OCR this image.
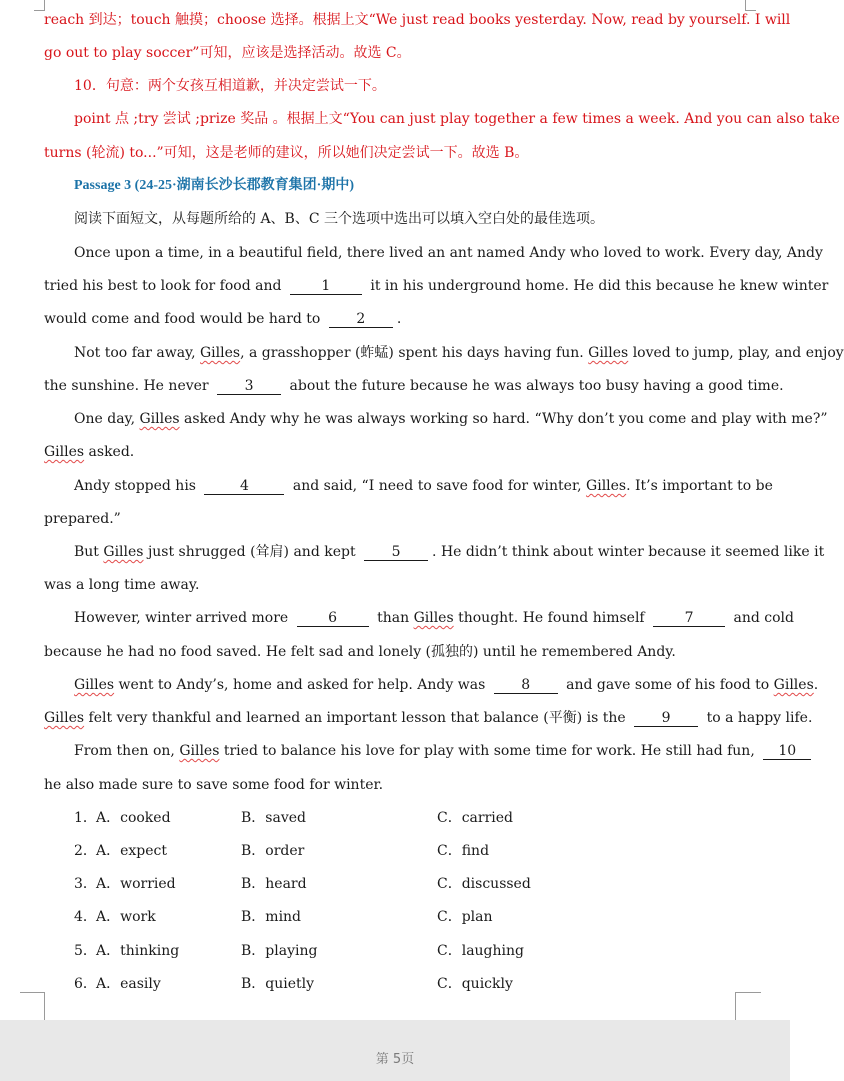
reach 到达；touch 触摸；choose 选择。根据上文“We just read books yesterday. Now, read by yourself. I will
go out to play soccer”可知，应该是选择活动。故选 C。
10．句意：两个女孩互相道歉，并决定尝试一下。
point 点 ;try 尝试 ;prize 奖品 。根据上文“You can just play together a few times a week. And you can also take
turns (轮流) to...”可知，这是老师的建议，所以她们决定尝试一下。故选 B。
Passage 3 (24-25·湖南长沙长郡教育集团·期中)
阅读下面短文，从每题所给的 A、B、C 三个选项中选出可以填入空白处的最佳选项。
Once upon a time, in a beautiful field, there lived an ant named Andy who loved to work. Every day, Andy
tried his best to look for food and	1	it in his underground home. He did this because he knew winter
would come and food would be hard to	2 .
Not too far away, Gilles, a grasshopper (蚱蜢) spent his days having fun. Gilles loved to jump, play, and enjoy
the sunshine. He never	3	about the future because he was always too busy having a good time.
One day, Gilles asked Andy why he was always working so hard. “Why don’t you come and play with me?”
Gilles asked.
Andy stopped his	4	and said, “I need to save food for winter, Gilles. It’s important to be
prepared.”
But Gilles just shrugged (耸肩) and kept	5 . He didn’t think about winter because it seemed like it
was a long time away.
However, winter arrived more	6	than Gilles thought. He found himself	7	and cold
because he had no food saved. He felt sad and lonely (孤独的) until he remembered Andy.
Gilles went to Andy’s, home and asked for help. Andy was	8	and gave some of his food to Gilles.
Gilles felt very thankful and learned an important lesson that balance (平衡) is the	9	to a happy life.
From then on, Gilles tried to balance his love for play with some time for work. He still had fun, 10
he also made sure to save some food for winter.
1． A．cooked	B．saved	C．carried
2． A．expect	B．order	C．find
3． A．worried	B．heard	C．discussed
4． A．work	B．mind	C．plan
5． A．thinking	B．playing	C．laughing
6． A．easily	B．quietly	C．quickly
第 5页
